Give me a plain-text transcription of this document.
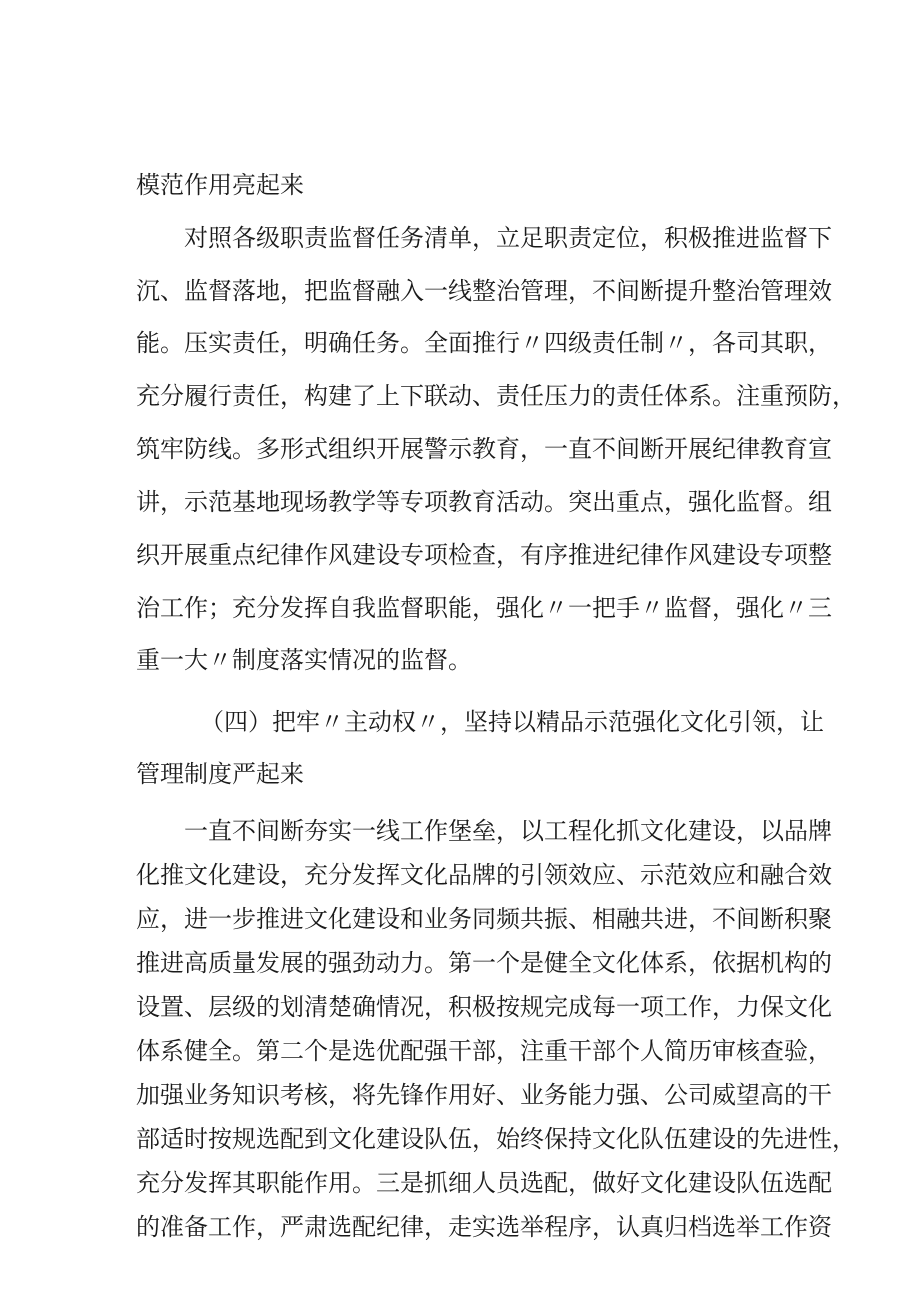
模范作用亮起来
对照各级职责监督任务清单，立足职责定位，积极推进监督下
沉、监督落地，把监督融入一线整治管理，不间断提升整治管理效
能。压实责任，明确任务。全面推行〃四级责任制〃，各司其职，
充分履行责任，构建了上下联动、责任压力的责任体系。注重预防，
筑牢防线。多形式组织开展警示教育，一直不间断开展纪律教育宣
讲，示范基地现场教学等专项教育活动。突出重点，强化监督。组
织开展重点纪律作风建设专项检查，有序推进纪律作风建设专项整
治工作；充分发挥自我监督职能，强化〃一把手〃监督，强化〃三
重一大〃制度落实情况的监督。
（四）把牢〃主动权〃，坚持以精品示范强化文化引领，让
管理制度严起来
一直不间断夯实一线工作堡垒，以工程化抓文化建设，以品牌
化推文化建设，充分发挥文化品牌的引领效应、示范效应和融合效
应，进一步推进文化建设和业务同频共振、相融共进，不间断积聚
推进高质量发展的强劲动力。第一个是健全文化体系，依据机构的
设置、层级的划清楚确情况，积极按规完成每一项工作，力保文化
体系健全。第二个是选优配强干部，注重干部个人简历审核查验，
加强业务知识考核，将先锋作用好、业务能力强、公司威望高的干
部适时按规选配到文化建设队伍，始终保持文化队伍建设的先进性，
充分发挥其职能作用。三是抓细人员选配，做好文化建设队伍选配
的准备工作，严肃选配纪律，走实选举程序，认真归档选举工作资
